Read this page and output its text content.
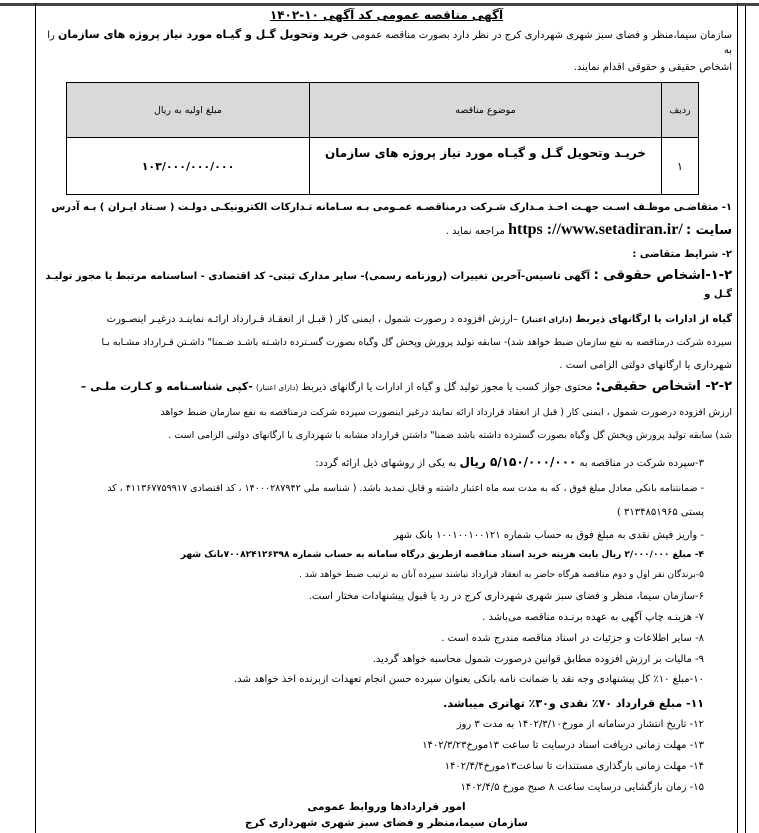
آگهی مناقصه عمومی کد آگهی ۱۰-۱۴۰۲
سازمان سیما،منظر و فضای سبز شهری شهرداری کرج در نظر دارد بصورت مناقصه عمومی خرید وتحویل گـل و گیـاه مورد نیاز پروژه های سازمان را به
اشخاص حقیقی و حقوقی اقدام نمایند.
ردیف	موضوع مناقصه	مبلغ اولیه به ریال
۱	خریـد وتحویل گـل و گیـاه مورد نیاز پروژه های سازمان	۱۰۳/۰۰۰/۰۰۰/۰۰۰
۱- متقاضـی موظـف اسـت جهـت اخـذ مـدارک شـرکت درمناقصـه عمـومی بـه سـامانه تـدارکات الکترونیکـی دولـت ( سـتاد ایـران ) بـه آدرس
سایت : https ://www.setadiran.ir/ مراجعه نماید .
۲- شرایط متقاضی :
۱-۲-اشخاص حقوقی : آگهی تاسیس-آخرین تغییرات (روزنامه رسمی)- سایر مدارک ثبتی- کد اقتصادی - اساسنامه مرتبط یا مجوز تولیـد گـل و
گیاه از ادارات یا ارگانهای ذیربط (دارای اعتبار) –ارزش افزوده د رصورت شمول ، ایمنی کار ( قبـل از انعقـاد قـرارداد ارائـه نماینـد درغیـر اینصـورت
سپرده شرکت درمناقصه به نفع سازمان ضبط خواهد شد)- سابقه تولید پرورش وپخش گل وگیاه بصورت گسـترده داشـته باشـد ضـمنا" داشـتن قـرارداد مشـابه بـا
شهرداری یا ارگانهای دولتی الزامی است .
۲-۲- اشخاص حقیقی: محتوی جواز کسب یا مجوز تولید گل و گیاه از ادارات یا ارگانهای ذیربط (دارای اعتبار) -کپی شناسـنامه و کـارت ملـی –
ارزش افزوده درصورت شمول ، ایمنی کار ( قبل از انعقاد قرارداد ارائه نمایند درغیر اینصورت سپرده شرکت درمناقصه به نفع سازمان ضبط خواهد
شد) سابقه تولید پرورش وپخش گل وگیاه بصورت گسترده داشته باشد ضمنا" داشتن قرارداد مشابه با شهرداری یا ارگانهای دولتی الزامی است .
۳-سپرده شرکت در مناقصه به ۵/۱۵۰/۰۰۰/۰۰۰ ریال به یکی از روشهای ذیل ارائه گردد:
- ضمانتنامه بانکی معادل مبلغ فوق ، که به مدت سه ماه اعتبار داشته و قابل تمدید باشد. ( شناسه ملی ۱۴۰۰۰۲۸۷۹۴۲ ، کد اقتصادی ۴۱۱۳۶۷۷۵۹۹۱۷ ، کد
پستی ۳۱۳۴۸۵۱۹۶۵ )
- واریز فیش نقدی به مبلغ فوق به حساب شماره ۱۰۰۱۰۰۱۰۰۱۲۱ بانک شهر
۴- مبلغ ۲/۰۰۰/۰۰۰ ریال بابت هزینه خرید اسناد مناقصه ازطریق درگاه سامانه به حساب شماره ۷۰۰۸۲۴۱۲۶۳۹۸بانک شهر
۵-برندگان نفر اول و دوم مناقصه هرگاه حاضر به انعقاد قرارداد نباشند سپرده آنان به ترتیب ضبط خواهد شد .
۶-سازمان سیما، منظر و فضای سبز شهری شهرداری کرج در رد یا قبول پیشنهادات مختار است.
۷- هزینـه چاپ آگهی به عهده برنـده مناقصه می‌باشد .
۸- سایر اطلاعات و جزئیات در اسناد مناقصه مندرج شده است .
۹- مالیات بر ارزش افزوده مطابق قوانین درصورت شمول محاسبه خواهد گردید.
۱۰-مبلغ ۱۰٪ کل پیشنهادی وجه نقد یا ضمانت نامه بانکی بعنوان سپرده حسن انجام تعهدات ازبرنده اخذ خواهد شد.
۱۱- مبلغ قرارداد ۷۰٪ نقدی و۳۰٪ تهاتری میباشد.
۱۲- تاریخ انتشار درسامانه از مورخ۱۴۰۲/۳/۱۰ به مدت ۳ روز
۱۳- مهلت زمانی دریافت اسناد درسایت تا ساعت ۱۳مورخ۱۴۰۲/۳/۲۳
۱۴- مهلت زمانی بارگذاری مستندات تا ساعت۱۳مورخ۱۴۰۲/۴/۴
۱۵- زمان بازگشایی درسایت ساعت ۸ صبح مورخ ۱۴۰۲/۴/۵
امور قراردادها وروابط عمومی
سازمان سیما،منظر و فضای سبز شهری شهرداری کرج
